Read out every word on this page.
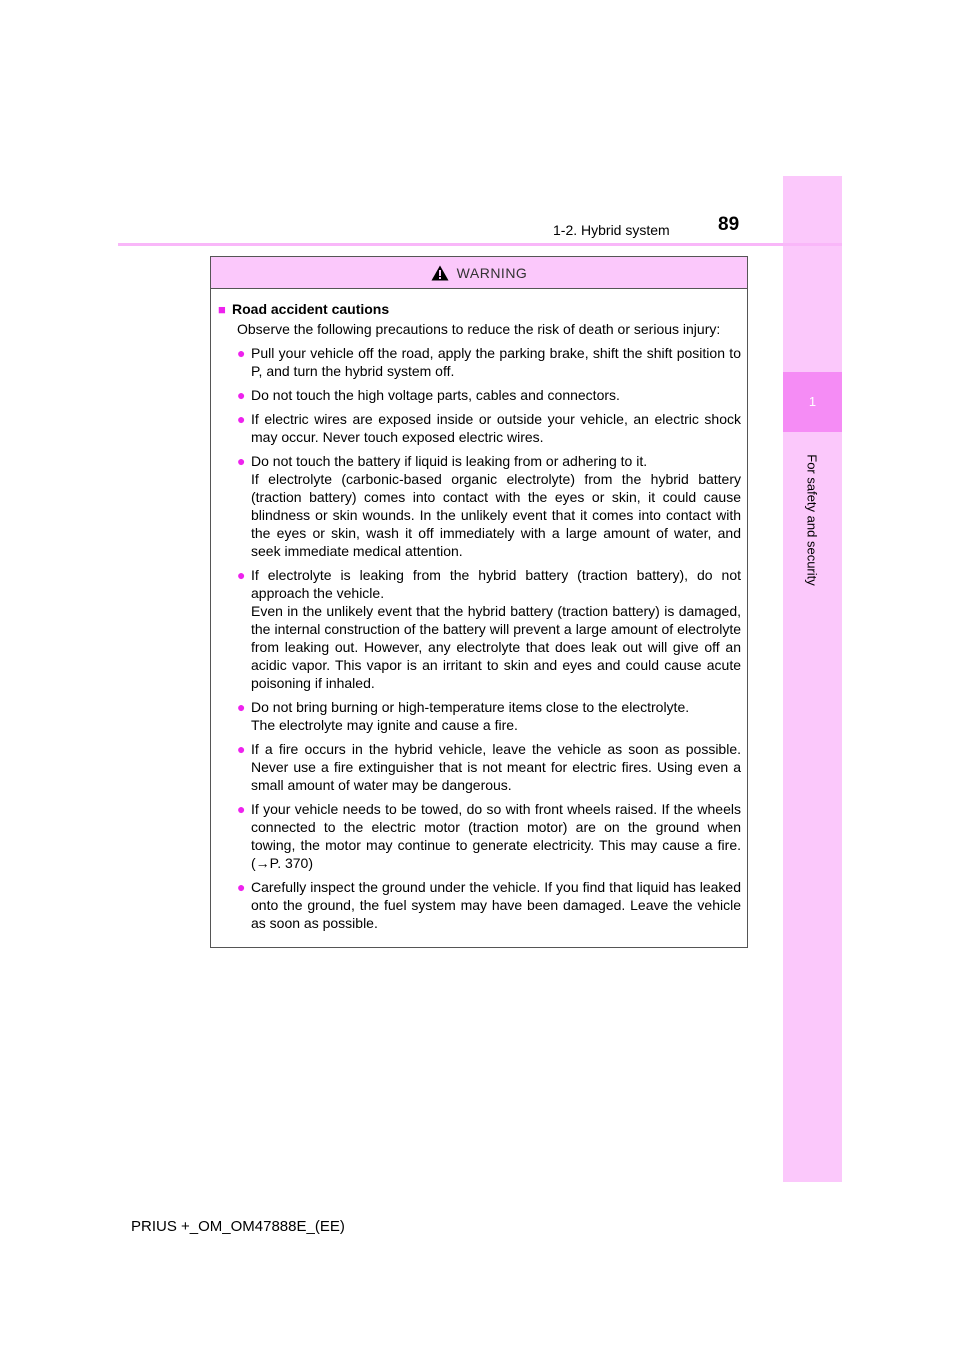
1
For safety and security
1-2. Hybrid system	89
WARNING
■ Road accident cautions
Observe the following precautions to reduce the risk of death or serious injury:
● Pull your vehicle off the road, apply the parking brake, shift the shift position to P, and turn the hybrid system off.

● Do not touch the high voltage parts, cables and connectors.

● If electric wires are exposed inside or outside your vehicle, an electric shock may occur. Never touch exposed electric wires.

● Do not touch the battery if liquid is leaking from or adhering to it.

If electrolyte (carbonic-based organic electrolyte) from the hybrid battery (traction battery) comes into contact with the eyes or skin, it could cause blindness or skin wounds. In the unlikely event that it comes into contact with the eyes or skin, wash it off immediately with a large amount of water, and seek immediate medical attention.

● If electrolyte is leaking from the hybrid battery (traction battery), do not approach the vehicle.

Even in the unlikely event that the hybrid battery (traction battery) is damaged, the internal construction of the battery will prevent a large amount of electrolyte from leaking out. However, any electrolyte that does leak out will give off an acidic vapor. This vapor is an irritant to skin and eyes and could cause acute poisoning if inhaled.

● Do not bring burning or high-temperature items close to the electrolyte.

The electrolyte may ignite and cause a fire.

● If a fire occurs in the hybrid vehicle, leave the vehicle as soon as possible. Never use a fire extinguisher that is not meant for electric fires. Using even a small amount of water may be dangerous.

● If your vehicle needs to be towed, do so with front wheels raised. If the wheels connected to the electric motor (traction motor) are on the ground when towing, the motor may continue to generate electricity. This may cause a fire. (→P. 370)

● Carefully inspect the ground under the vehicle. If you find that liquid has leaked onto the ground, the fuel system may have been damaged. Leave the vehicle as soon as possible.

PRIUS +_OM_OM47888E_(EE)
